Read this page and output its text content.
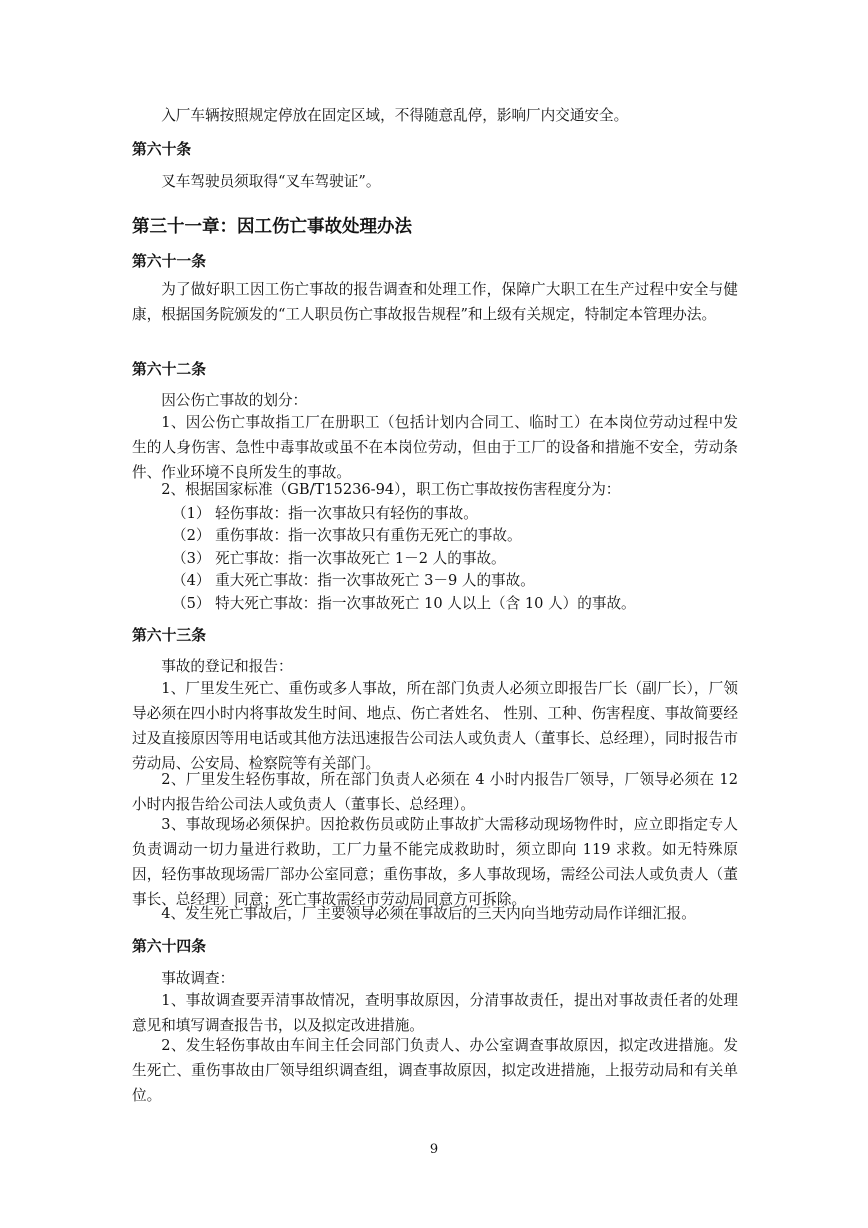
入厂车辆按照规定停放在固定区域，不得随意乱停，影响厂内交通安全。

第六十条

叉车驾驶员须取得“叉车驾驶证”。

第三十一章：因工伤亡事故处理办法
第六十一条

为了做好职工因工伤亡事故的报告调查和处理工作，保障广大职工在生产过程中安全与健康，根据国务院颁发的“工人职员伤亡事故报告规程”和上级有关规定，特制定本管理办法。

第六十二条

因公伤亡事故的划分：

1、因公伤亡事故指工厂在册职工（包括计划内合同工、临时工）在本岗位劳动过程中发生的人身伤害、急性中毒事故或虽不在本岗位劳动，但由于工厂的设备和措施不安全，劳动条件、作业环境不良所发生的事故。

2、根据国家标准（GB/T15236-94），职工伤亡事故按伤害程度分为：

（1） 轻伤事故：指一次事故只有轻伤的事故。
（2） 重伤事故：指一次事故只有重伤无死亡的事故。
（3） 死亡事故：指一次事故死亡 1－2 人的事故。
（4） 重大死亡事故：指一次事故死亡 3－9 人的事故。
（5） 特大死亡事故：指一次事故死亡 10 人以上（含 10 人）的事故。
第六十三条

事故的登记和报告：

1、厂里发生死亡、重伤或多人事故，所在部门负责人必须立即报告厂长（副厂长），厂领导必须在四小时内将事故发生时间、地点、伤亡者姓名、 性别、工种、伤害程度、事故简要经过及直接原因等用电话或其他方法迅速报告公司法人或负责人（董事长、总经理），同时报告市劳动局、公安局、检察院等有关部门。

2、厂里发生轻伤事故，所在部门负责人必须在 4 小时内报告厂领导，厂领导必须在 12 小时内报告给公司法人或负责人（董事长、总经理）。

3、事故现场必须保护。因抢救伤员或防止事故扩大需移动现场物件时，应立即指定专人负责调动一切力量进行救助，工厂力量不能完成救助时，须立即向 119 求救。如无特殊原因，轻伤事故现场需厂部办公室同意；重伤事故，多人事故现场，需经公司法人或负责人（董事长、总经理）同意；死亡事故需经市劳动局同意方可拆除。

4、发生死亡事故后，厂主要领导必须在事故后的三天内向当地劳动局作详细汇报。

第六十四条

事故调查：

1、事故调查要弄清事故情况，查明事故原因，分清事故责任，提出对事故责任者的处理意见和填写调查报告书，以及拟定改进措施。

2、发生轻伤事故由车间主任会同部门负责人、办公室调查事故原因，拟定改进措施。发生死亡、重伤事故由厂领导组织调查组，调查事故原因，拟定改进措施，上报劳动局和有关单位。

9
